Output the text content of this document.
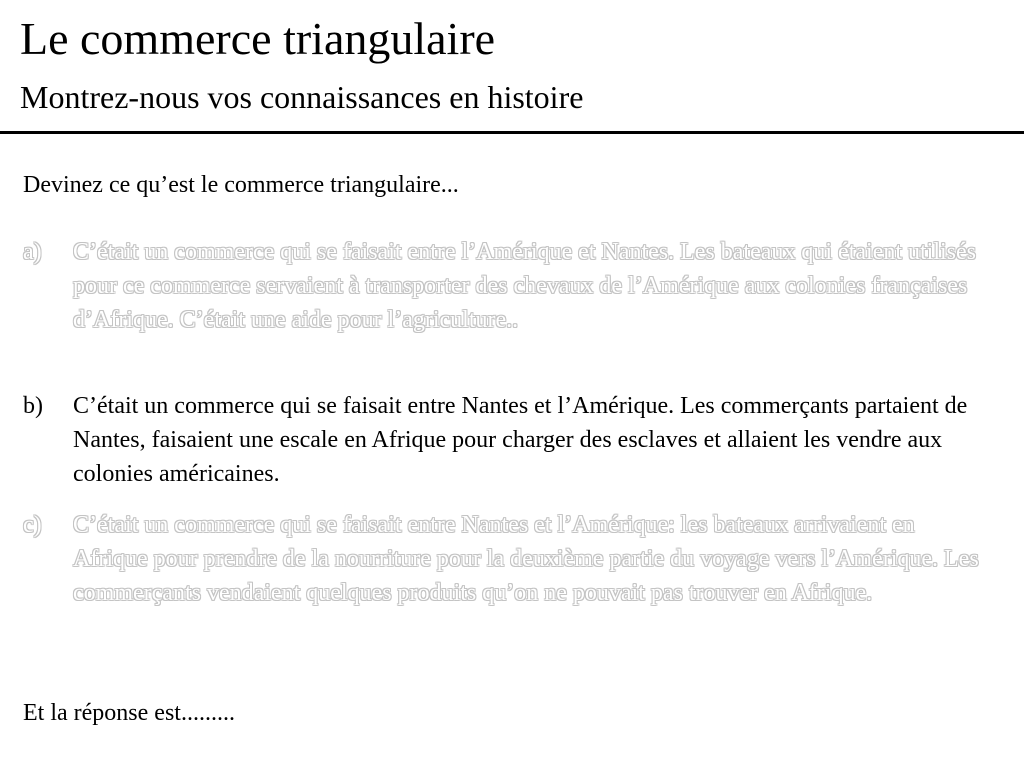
Le commerce triangulaire
Montrez-nous vos connaissances en histoire
Devinez ce qu’est le commerce triangulaire...
a)	C’était un commerce qui se faisait entre l’Amérique et Nantes. Les bateaux qui étaient utilisés pour ce commerce servaient à transporter des chevaux de l’Amérique aux colonies françaises d’Afrique. C’était une aide pour l’agriculture..
b)	C’était un commerce qui se faisait entre Nantes et l’Amérique. Les commerçants partaient de Nantes, faisaient une escale en Afrique pour charger des esclaves et allaient les vendre aux colonies américaines.
c)	C’était un commerce qui se faisait entre Nantes et l’Amérique: les bateaux arrivaient en Afrique pour prendre de la nourriture pour la deuxième partie du voyage vers l’Amérique. Les commerçants vendaient quelques produits qu’on ne pouvait pas trouver en Afrique.
Et la réponse est.........
